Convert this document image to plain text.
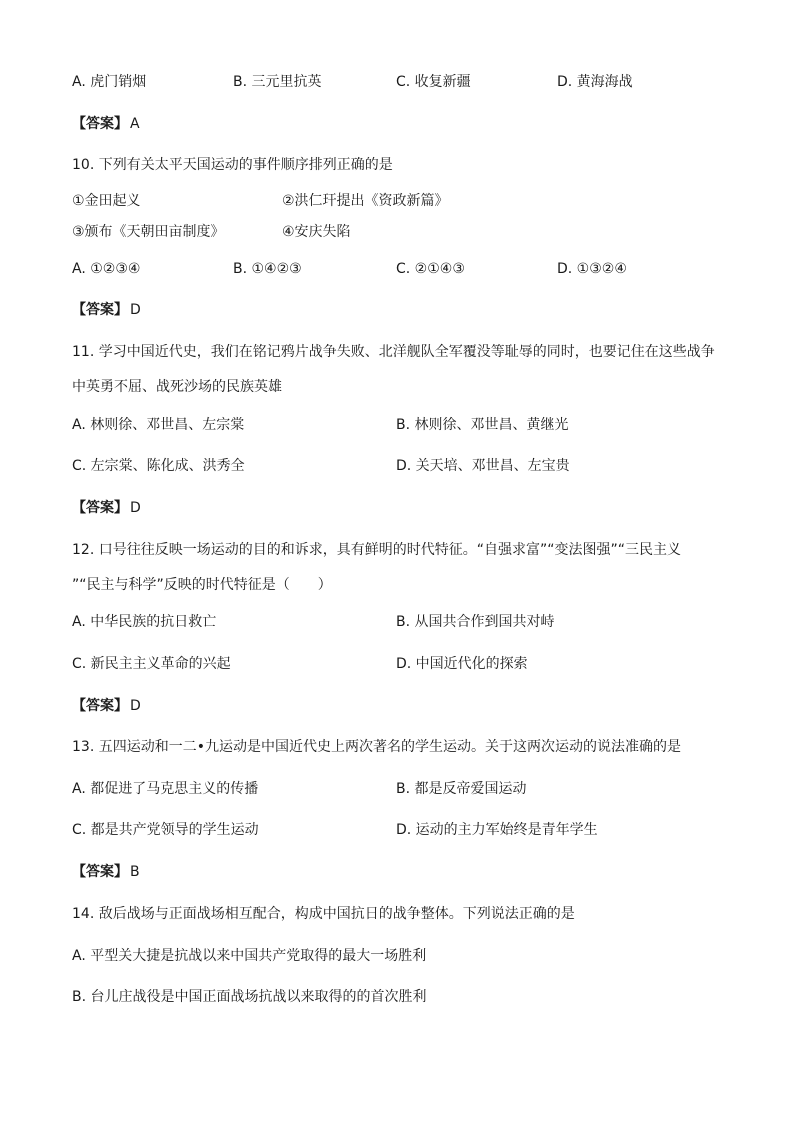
A. 虎门销烟	B. 三元里抗英	C. 收复新疆	D. 黄海海战
【答案】 A
10. 下列有关太平天国运动的事件顺序排列正确的是
①金田起义	②洪仁玕提出《资政新篇》
③颁布《天朝田亩制度》	④安庆失陷
A. ①②③④	B. ①④②③	C. ②①④③	D. ①③②④
【答案】 D
11. 学习中国近代史，我们在铭记鸦片战争失败、北洋舰队全军覆没等耻辱的同时，也要记住在这些战争
中英勇不屈、战死沙场的民族英雄
A. 林则徐、邓世昌、左宗棠	B. 林则徐、邓世昌、黄继光
C. 左宗棠、陈化成、洪秀全	D. 关天培、邓世昌、左宝贵
【答案】 D
12. 口号往往反映一场运动的目的和诉求，具有鲜明的时代特征。“自强求富”“变法图强”“三民主义
”“民主与科学”反映的时代特征是（　　）
A. 中华民族的抗日救亡	B. 从国共合作到国共对峙
C. 新民主主义革命的兴起	D. 中国近代化的探索
【答案】 D
13. 五四运动和一二•九运动是中国近代史上两次著名的学生运动。关于这两次运动的说法准确的是
A. 都促进了马克思主义的传播	B. 都是反帝爱国运动
C. 都是共产党领导的学生运动	D. 运动的主力军始终是青年学生
【答案】 B
14. 敌后战场与正面战场相互配合，构成中国抗日的战争整体。下列说法正确的是
A. 平型关大捷是抗战以来中国共产党取得的最大一场胜利
B. 台儿庄战役是中国正面战场抗战以来取得的的首次胜利
